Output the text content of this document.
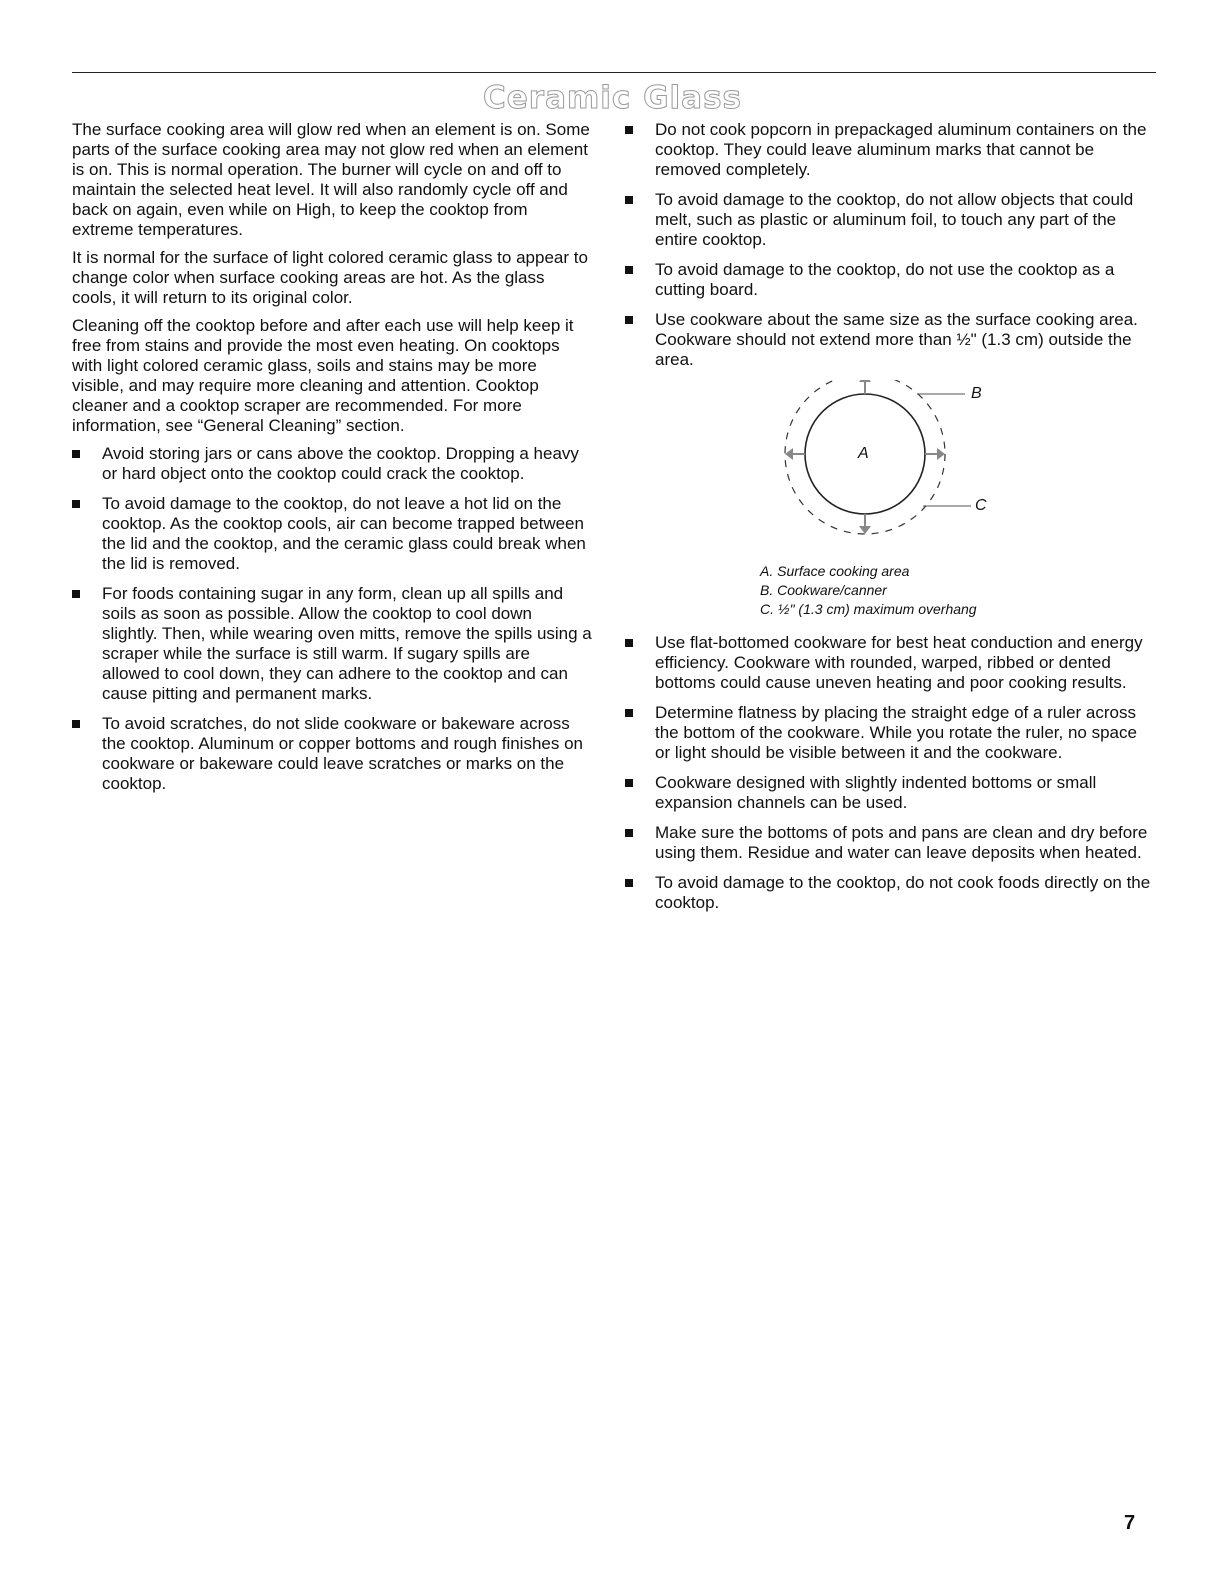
Ceramic Glass

The surface cooking area will glow red when an element is on. Some parts of the surface cooking area may not glow red when an element is on. This is normal operation. The burner will cycle on and off to maintain the selected heat level. It will also randomly cycle off and back on again, even while on High, to keep the cooktop from extreme temperatures.

It is normal for the surface of light colored ceramic glass to appear to change color when surface cooking areas are hot. As the glass cools, it will return to its original color.

Cleaning off the cooktop before and after each use will help keep it free from stains and provide the most even heating. On cooktops with light colored ceramic glass, soils and stains may be more visible, and may require more cleaning and attention. Cooktop cleaner and a cooktop scraper are recommended. For more information, see “General Cleaning” section.

Avoid storing jars or cans above the cooktop. Dropping a heavy or hard object onto the cooktop could crack the cooktop.
To avoid damage to the cooktop, do not leave a hot lid on the cooktop. As the cooktop cools, air can become trapped between the lid and the cooktop, and the ceramic glass could break when the lid is removed.
For foods containing sugar in any form, clean up all spills and soils as soon as possible. Allow the cooktop to cool down slightly. Then, while wearing oven mitts, remove the spills using a scraper while the surface is still warm. If sugary spills are allowed to cool down, they can adhere to the cooktop and can cause pitting and permanent marks.
To avoid scratches, do not slide cookware or bakeware across the cooktop. Aluminum or copper bottoms and rough finishes on cookware or bakeware could leave scratches or marks on the cooktop.
Do not cook popcorn in prepackaged aluminum containers on the cooktop. They could leave aluminum marks that cannot be removed completely.
To avoid damage to the cooktop, do not allow objects that could melt, such as plastic or aluminum foil, to touch any part of the entire cooktop.
To avoid damage to the cooktop, do not use the cooktop as a cutting board.
Use cookware about the same size as the surface cooking area. Cookware should not extend more than ½" (1.3 cm) outside the area.
A
B
C
A. Surface cooking area
B. Cookware/canner
C. ½" (1.3 cm) maximum overhang
Use flat-bottomed cookware for best heat conduction and energy efficiency. Cookware with rounded, warped, ribbed or dented bottoms could cause uneven heating and poor cooking results.
Determine flatness by placing the straight edge of a ruler across the bottom of the cookware. While you rotate the ruler, no space or light should be visible between it and the cookware.
Cookware designed with slightly indented bottoms or small expansion channels can be used.
Make sure the bottoms of pots and pans are clean and dry before using them. Residue and water can leave deposits when heated.
To avoid damage to the cooktop, do not cook foods directly on the cooktop.
7
